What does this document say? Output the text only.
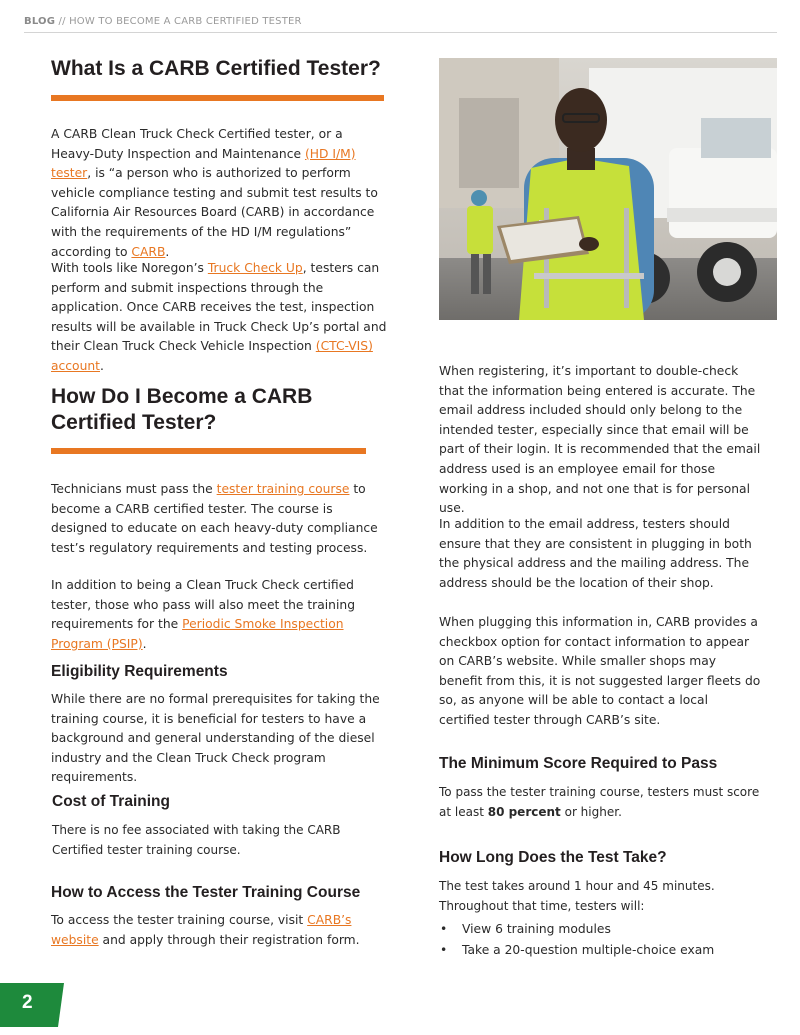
BLOG // HOW TO BECOME A CARB CERTIFIED TESTER
What Is a CARB Certified Tester?

A CARB Clean Truck Check Certified tester, or a Heavy-Duty Inspection and Maintenance (HD I/M) tester, is “a person who is authorized to perform vehicle compliance testing and submit test results to California Air Resources Board (CARB) in accordance with the requirements of the HD I/M regulations” according to CARB.

With tools like Noregon’s Truck Check Up, testers can perform and submit inspections through the application. Once CARB receives the test, inspection results will be available in Truck Check Up’s portal and their Clean Truck Check Vehicle Inspection (CTC-VIS) account.

How Do I Become a CARB
Certified Tester?

Technicians must pass the tester training course to become a CARB certified tester. The course is designed to educate on each heavy-duty compliance test’s regulatory requirements and testing process.

In addition to being a Clean Truck Check certified tester, those who pass will also meet the training requirements for the Periodic Smoke Inspection Program (PSIP).

Eligibility Requirements

While there are no formal prerequisites for taking the training course, it is beneficial for testers to have a background and general understanding of the diesel industry and the Clean Truck Check program requirements.

Cost of Training

There is no fee associated with taking the CARB Certified tester training course.

How to Access the Tester Training Course

To access the tester training course, visit CARB’s website and apply through their registration form.

When registering, it’s important to double-check that the information being entered is accurate. The email address included should only belong to the intended tester, especially since that email will be part of their login. It is recommended that the email address used is an employee email for those working in a shop, and not one that is for personal use.

In addition to the email address, testers should ensure that they are consistent in plugging in both the physical address and the mailing address. The address should be the location of their shop.

When plugging this information in, CARB provides a checkbox option for contact information to appear on CARB’s website. While smaller shops may benefit from this, it is not suggested larger fleets do so, as anyone will be able to contact a local certified tester through CARB’s site.

The Minimum Score Required to Pass

To pass the tester training course, testers must score at least 80 percent or higher.

How Long Does the Test Take?

The test takes around 1 hour and 45 minutes. Throughout that time, testers will:

• View 6 training modules
• Take a 20-question multiple-choice exam
2
